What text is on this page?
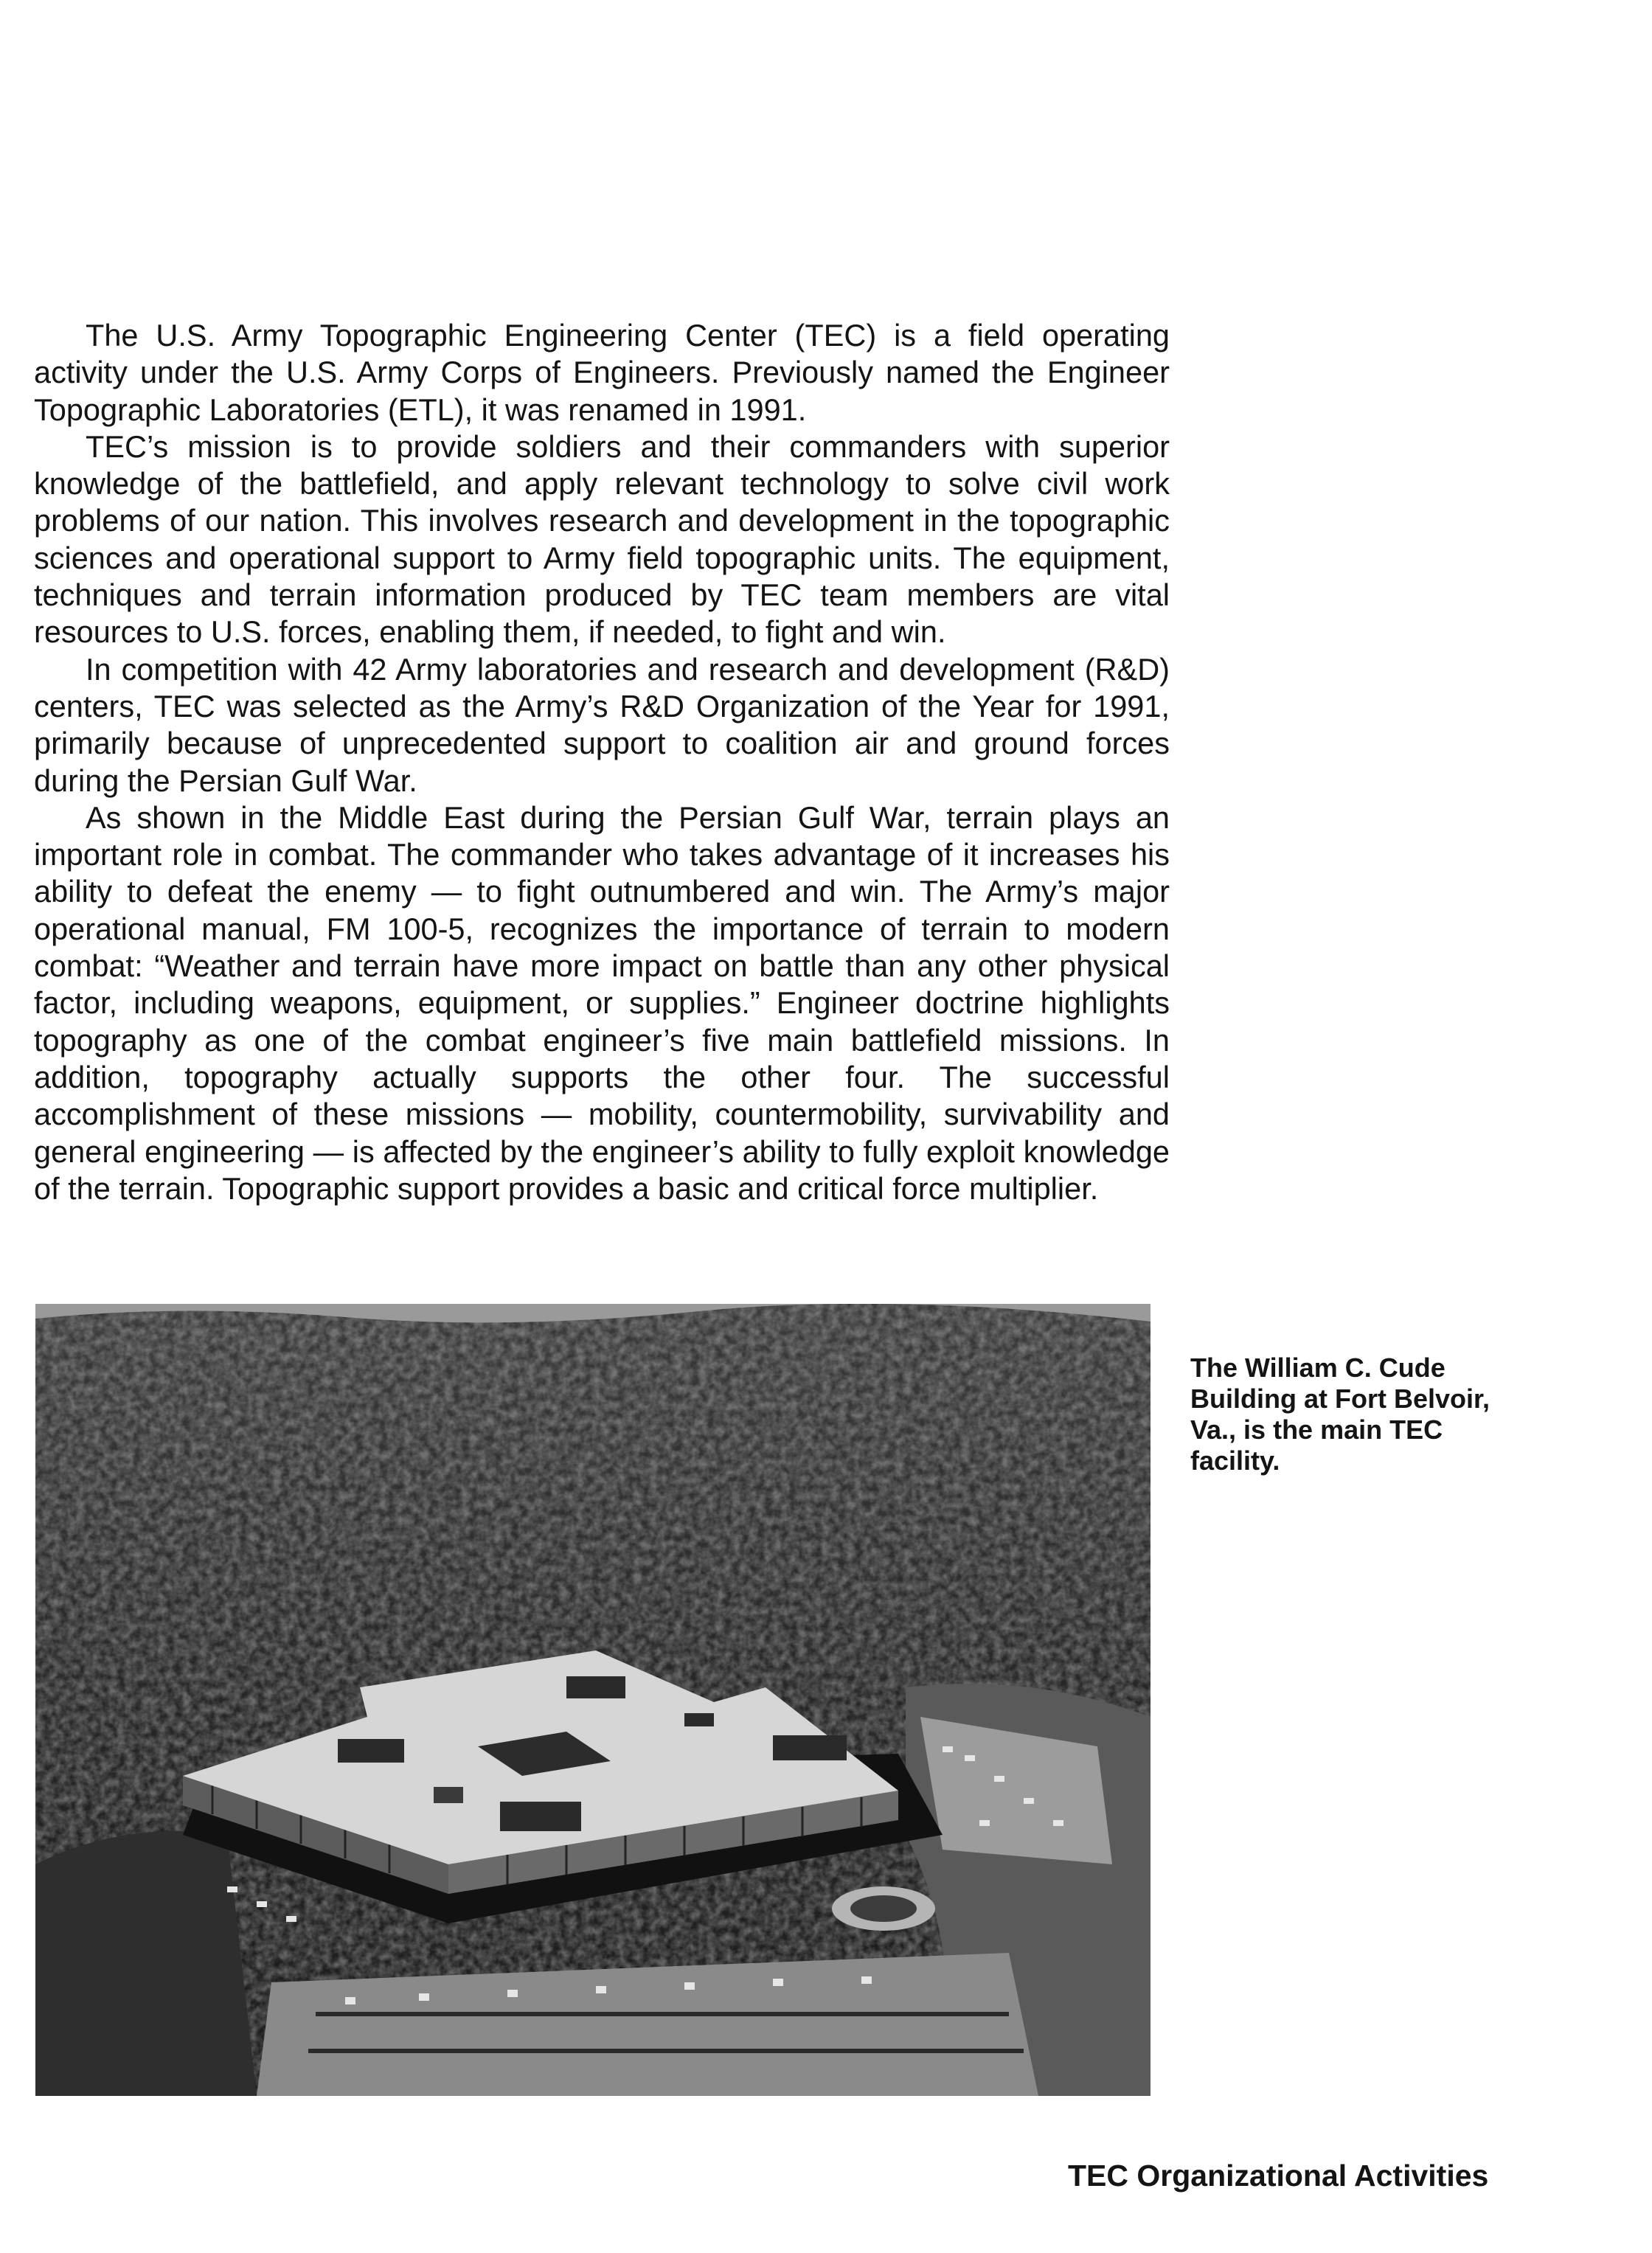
The U.S. Army Topographic Engineering Center (TEC) is a field operating activity under the U.S. Army Corps of Engineers. Previously named the Engineer Topographic Laboratories (ETL), it was renamed in 1991.

TEC’s mission is to provide soldiers and their commanders with superior knowledge of the battlefield, and apply relevant technology to solve civil work problems of our nation. This involves research and development in the topographic sciences and operational support to Army field topographic units. The equipment, techniques and terrain information produced by TEC team members are vital resources to U.S. forces, enabling them, if needed, to fight and win.

In competition with 42 Army laboratories and research and development (R&D) centers, TEC was selected as the Army’s R&D Organization of the Year for 1991, primarily because of unprecedented support to coalition air and ground forces during the Persian Gulf War.

As shown in the Middle East during the Persian Gulf War, terrain plays an important role in combat. The commander who takes advantage of it increases his ability to defeat the enemy — to fight outnumbered and win. The Army’s major operational manual, FM 100-5, recognizes the importance of terrain to modern combat: “Weather and terrain have more impact on battle than any other physical factor, including weapons, equipment, or supplies.” Engineer doctrine highlights topography as one of the combat engineer’s five main battlefield missions. In addition, topography actually supports the other four. The successful accomplishment of these missions — mobility, countermobility, survivability and general engineering — is affected by the engineer’s ability to fully exploit knowledge of the terrain. Topographic support provides a basic and critical force multiplier.

The William C. Cude Building at Fort Belvoir, Va., is the main TEC facility.
TEC Organizational Activities
